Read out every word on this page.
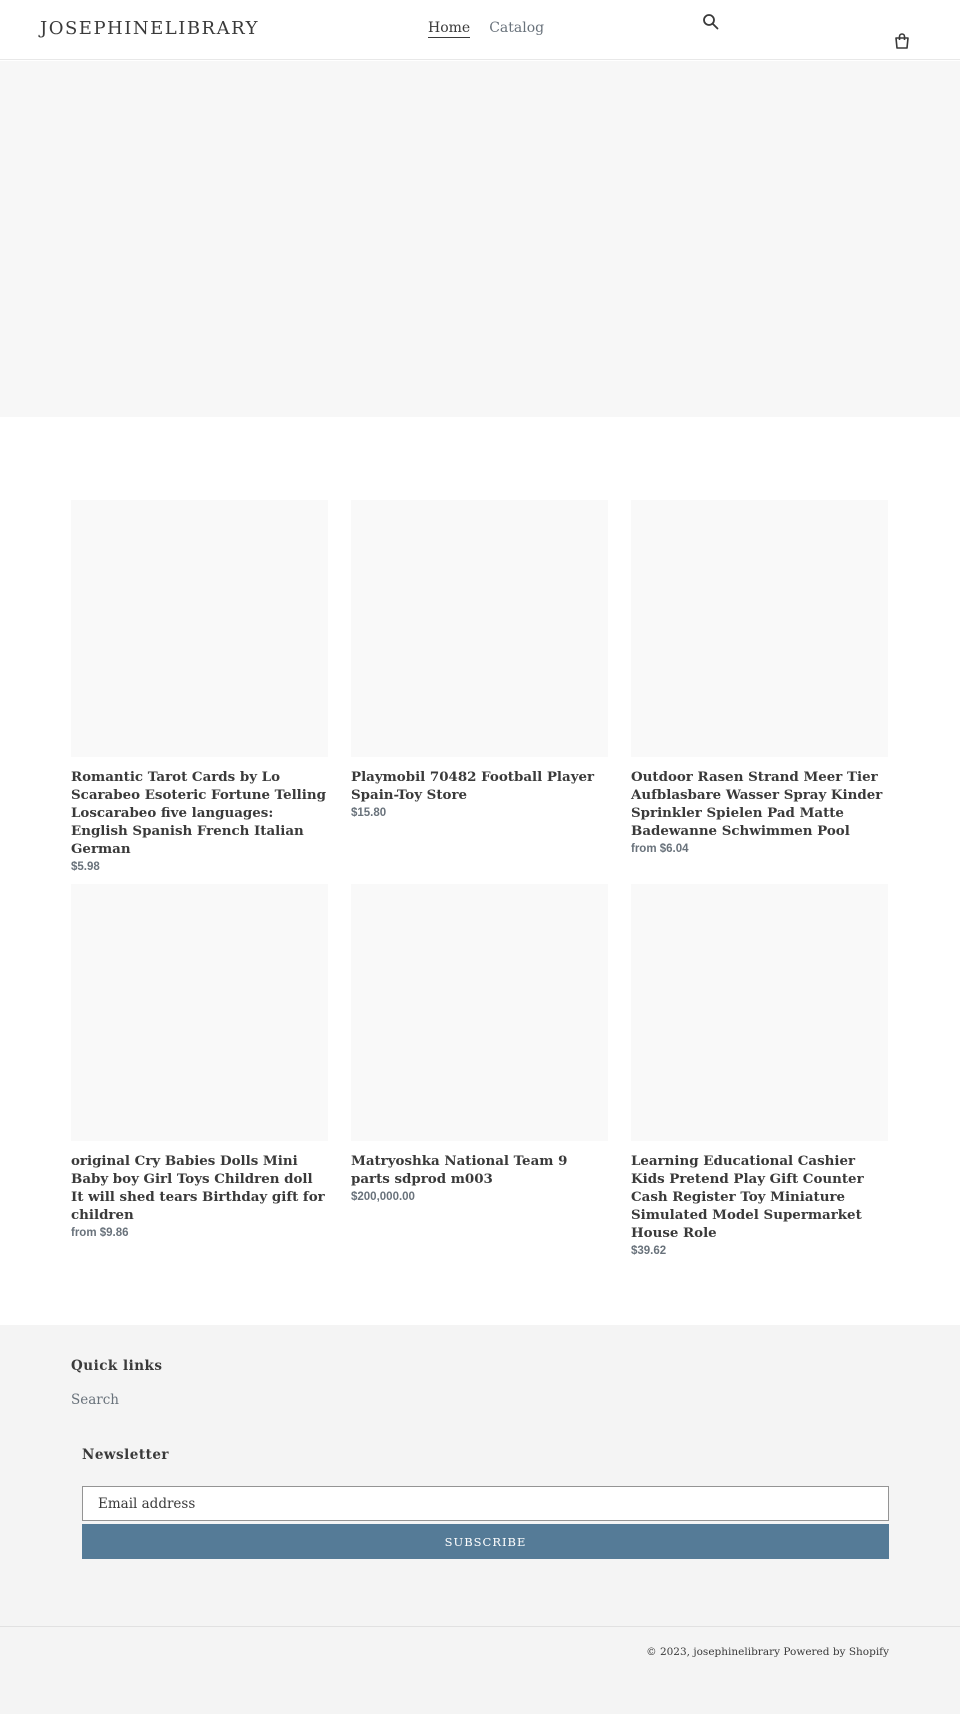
JOSEPHINELIBRARY	Home Catalog
Romantic Tarot Cards by Lo Scarabeo Esoteric Fortune Telling Loscarabeo five languages: English Spanish French Italian German
$5.98
Playmobil 70482 Football Player Spain-Toy Store
$15.80
Outdoor Rasen Strand Meer Tier Aufblasbare Wasser Spray Kinder Sprinkler Spielen Pad Matte Badewanne Schwimmen Pool
from $6.04
original Cry Babies Dolls Mini Baby boy Girl Toys Children doll It will shed tears Birthday gift for children
from $9.86
Matryoshka National Team 9 parts sdprod m003
$200,000.00
Learning Educational Cashier Kids Pretend Play Gift Counter Cash Register Toy Miniature Simulated Model Supermarket House Role
$39.62
Quick links
Search
Newsletter
Email address
SUBSCRIBE
© 2023, josephinelibrary Powered by Shopify
